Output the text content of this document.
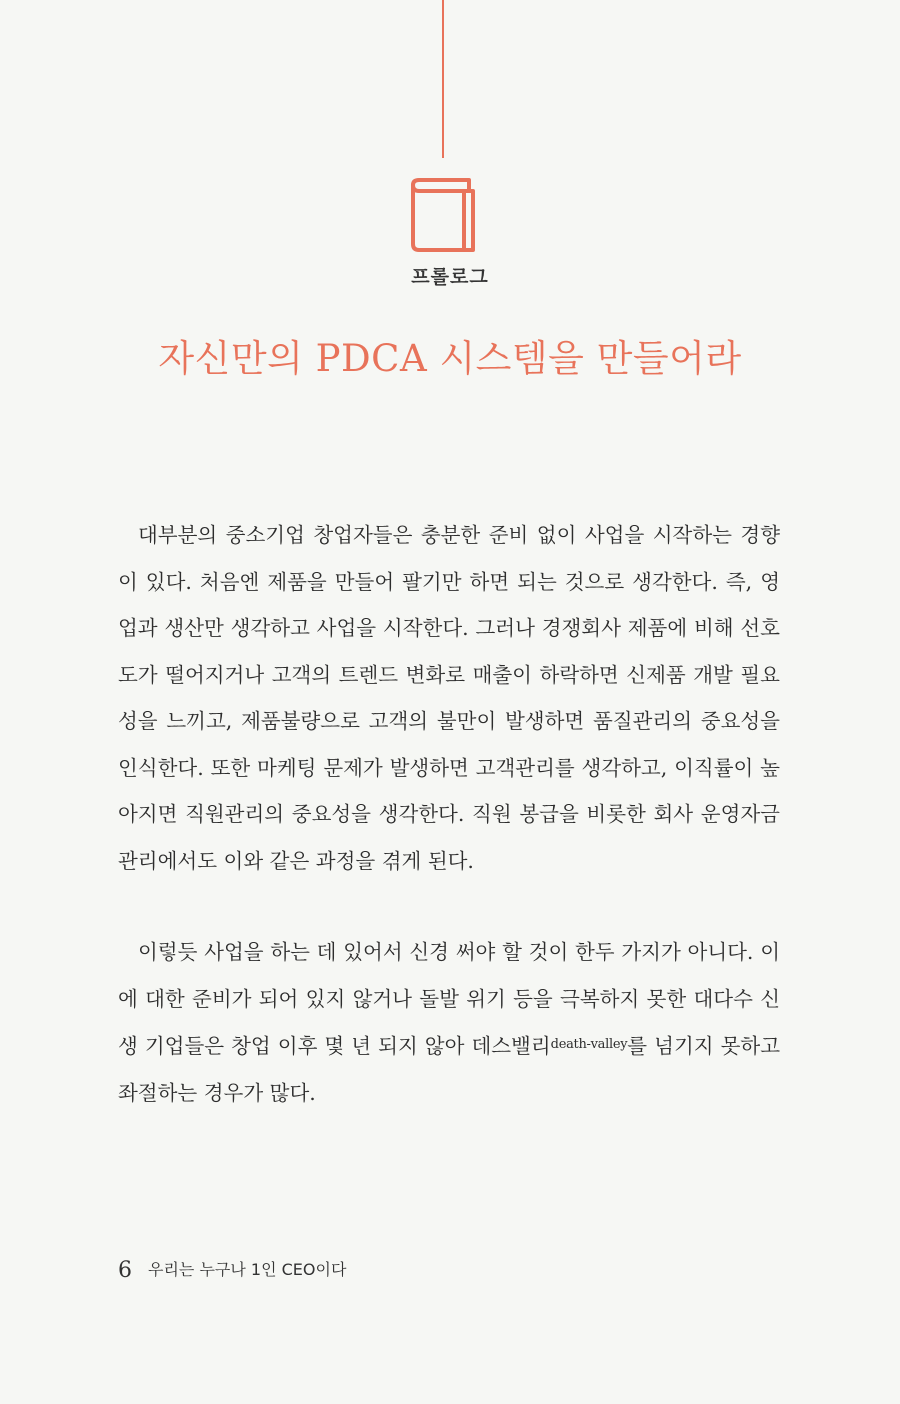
프롤로그
자신만의 PDCA 시스템을 만들어라

대부분의 중소기업 창업자들은 충분한 준비 없이 사업을 시작하는 경향이 있다. 처음엔 제품을 만들어 팔기만 하면 되는 것으로 생각한다. 즉, 영업과 생산만 생각하고 사업을 시작한다. 그러나 경쟁회사 제품에 비해 선호도가 떨어지거나 고객의 트렌드 변화로 매출이 하락하면 신제품 개발 필요성을 느끼고, 제품불량으로 고객의 불만이 발생하면 품질관리의 중요성을 인식한다. 또한 마케팅 문제가 발생하면 고객관리를 생각하고, 이직률이 높아지면 직원관리의 중요성을 생각한다. 직원 봉급을 비롯한 회사 운영자금 관리에서도 이와 같은 과정을 겪게 된다.

이렇듯 사업을 하는 데 있어서 신경 써야 할 것이 한두 가지가 아니다. 이에 대한 준비가 되어 있지 않거나 돌발 위기 등을 극복하지 못한 대다수 신생 기업들은 창업 이후 몇 년 되지 않아 데스밸리$^{death-valley}$를 넘기지 못하고 좌절하는 경우가 많다.

6 우리는 누구나 1인 CEO이다
